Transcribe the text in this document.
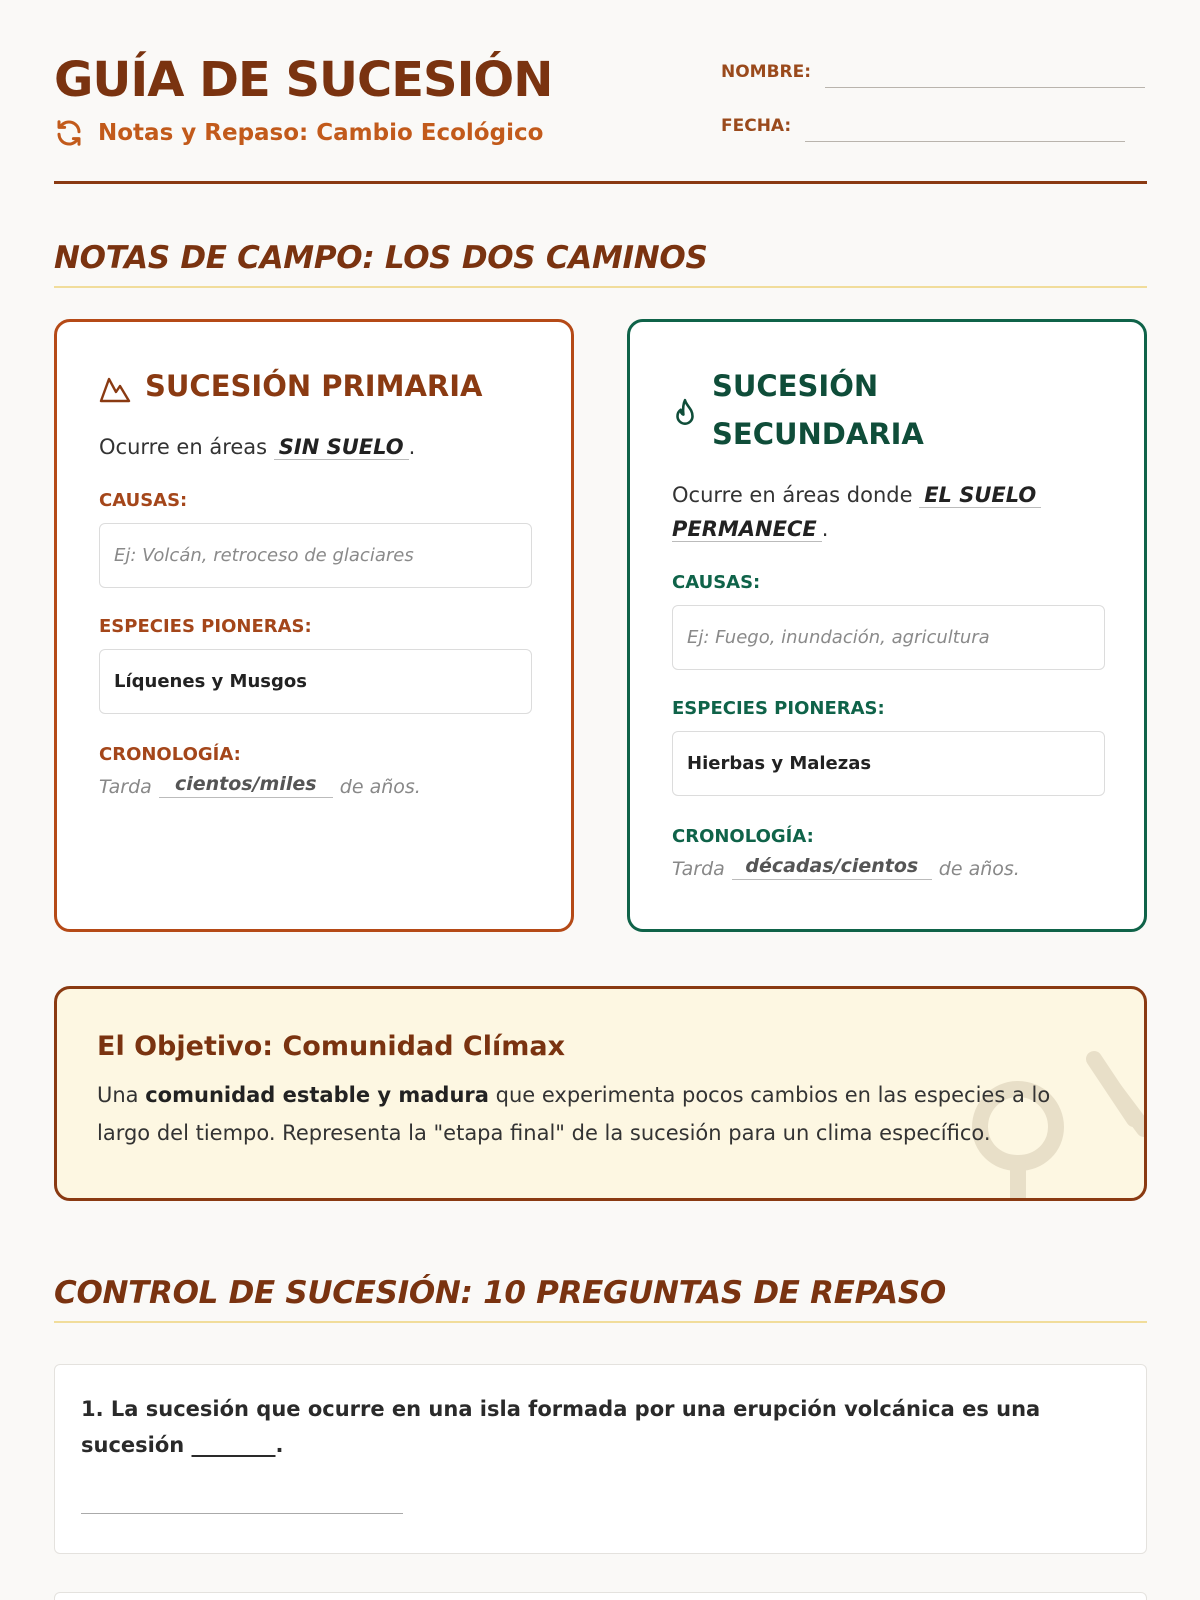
GUÍA DE SUCESIÓN
Notas y Repaso: Cambio Ecológico
NOMBRE:
FECHA:
NOTAS DE CAMPO: LOS DOS CAMINOS
SUCESIÓN PRIMARIA
Ocurre en áreas SIN SUELO .
CAUSAS:
Ej: Volcán, retroceso de glaciares
ESPECIES PIONERAS:
Líquenes y Musgos
CRONOLOGÍA:
Tarda	cientos/miles	de años.
SUCESIÓN SECUNDARIA
Ocurre en áreas donde EL SUELO
PERMANECE .
CAUSAS:
Ej: Fuego, inundación, agricultura
ESPECIES PIONERAS:
Hierbas y Malezas
CRONOLOGÍA:
Tarda	décadas/cientos	de años.
El Objetivo: Comunidad Clímax
Una comunidad estable y madura que experimenta pocos cambios en las especies a lo largo del tiempo. Representa la "etapa final" de la sucesión para un clima específico.
CONTROL DE SUCESIÓN: 10 PREGUNTAS DE REPASO
1. La sucesión que ocurre en una isla formada por una erupción volcánica es una sucesión ________.
